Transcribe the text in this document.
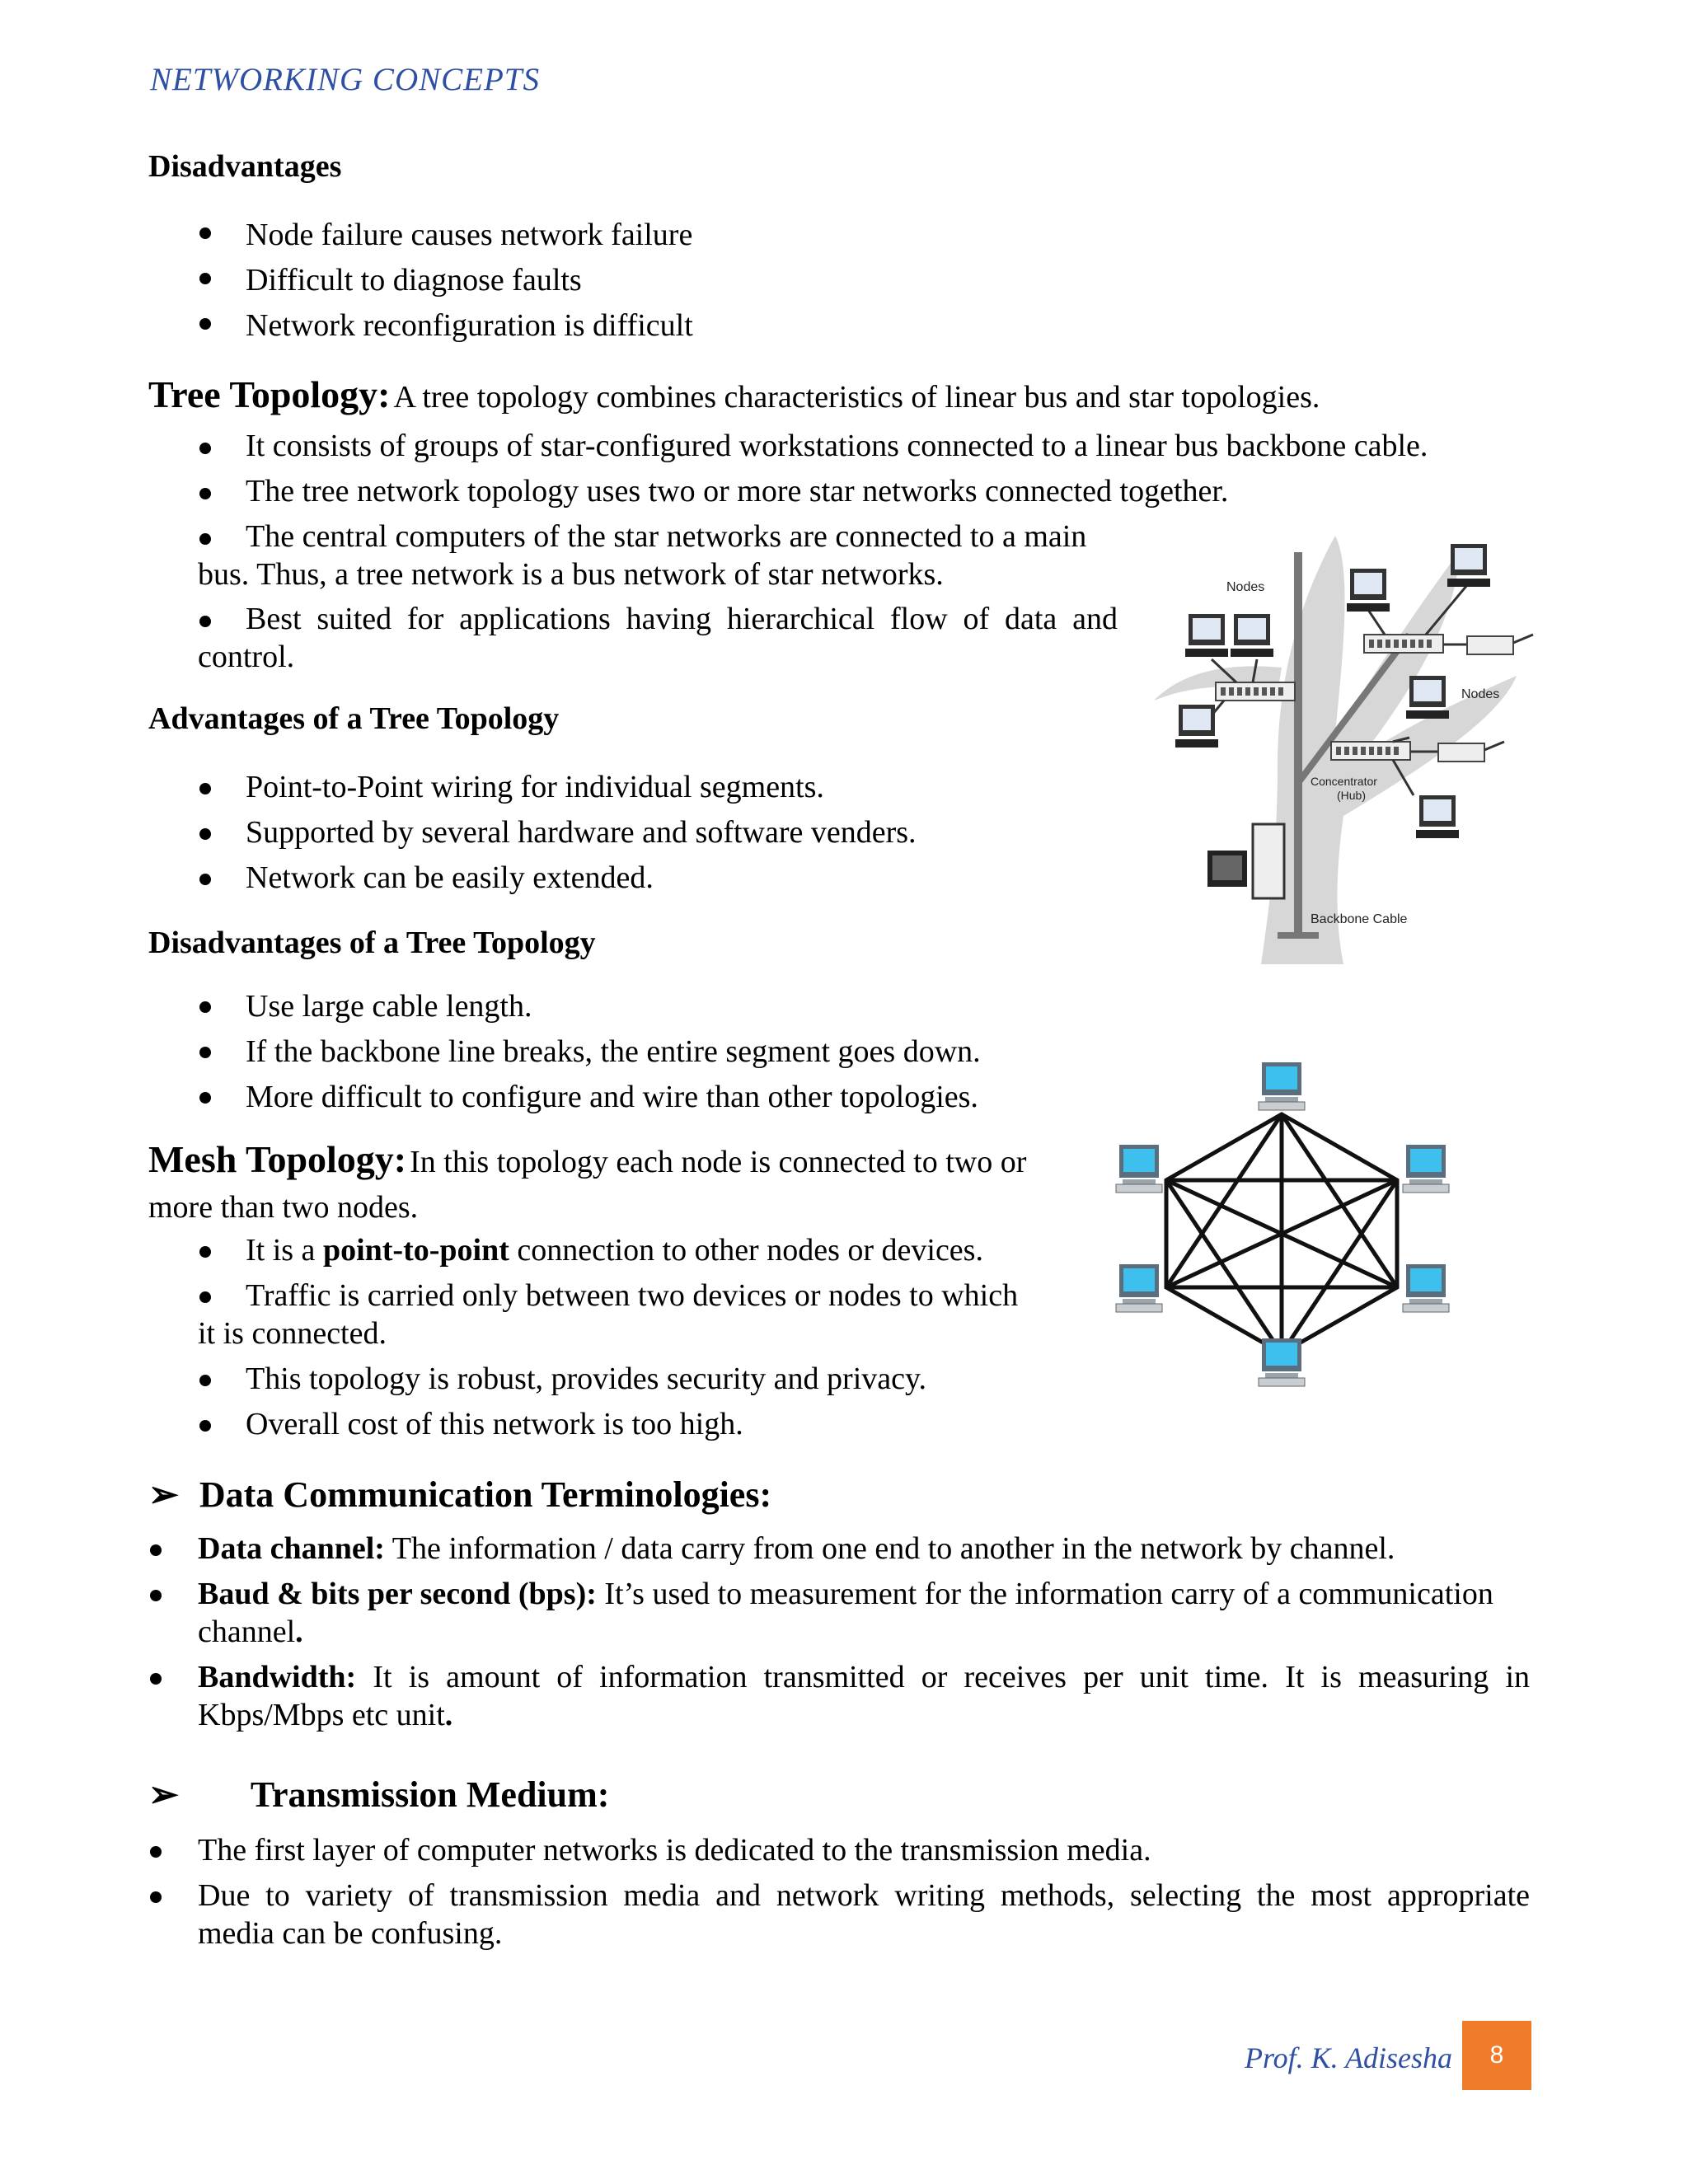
NETWORKING CONCEPTS
Disadvantages
Node failure causes network failure
Difficult to diagnose faults
Network reconfiguration is difficult
Tree Topology: A tree topology combines characteristics of linear bus and star topologies.
It consists of groups of star-configured workstations connected to a linear bus backbone cable.
The tree network topology uses two or more star networks connected together.
The central computers of the star networks are connected to a main bus. Thus, a tree network is a bus network of star networks.
Best suited for applications having hierarchical flow of data and control.
Advantages of a Tree Topology
Point-to-Point wiring for individual segments.
Supported by several hardware and software venders.
Network can be easily extended.
Disadvantages of a Tree Topology
Use large cable length.
If the backbone line breaks, the entire segment goes down.
More difficult to configure and wire than other topologies.
Nodes
Nodes
Concentrator
(Hub)
Backbone Cable
Mesh Topology: In this topology each node is connected to two or
more than two nodes.
It is a point-to-point connection to other nodes or devices.
Traffic is carried only between two devices or nodes to which
it is connected.
This topology is robust, provides security and privacy.
Overall cost of this network is too high.
➢ Data Communication Terminologies:
Data channel: The information / data carry from one end to another in the network by channel.
Baud & bits per second (bps): It’s used to measurement for the information carry of a communication
channel.
Bandwidth: It is amount of information transmitted or receives per unit time. It is measuring in
Kbps/Mbps etc unit.
➢ Transmission Medium:
The first layer of computer networks is dedicated to the transmission media.
Due to variety of transmission media and network writing methods, selecting the most appropriate
media can be confusing.
Prof. K. Adisesha	8
